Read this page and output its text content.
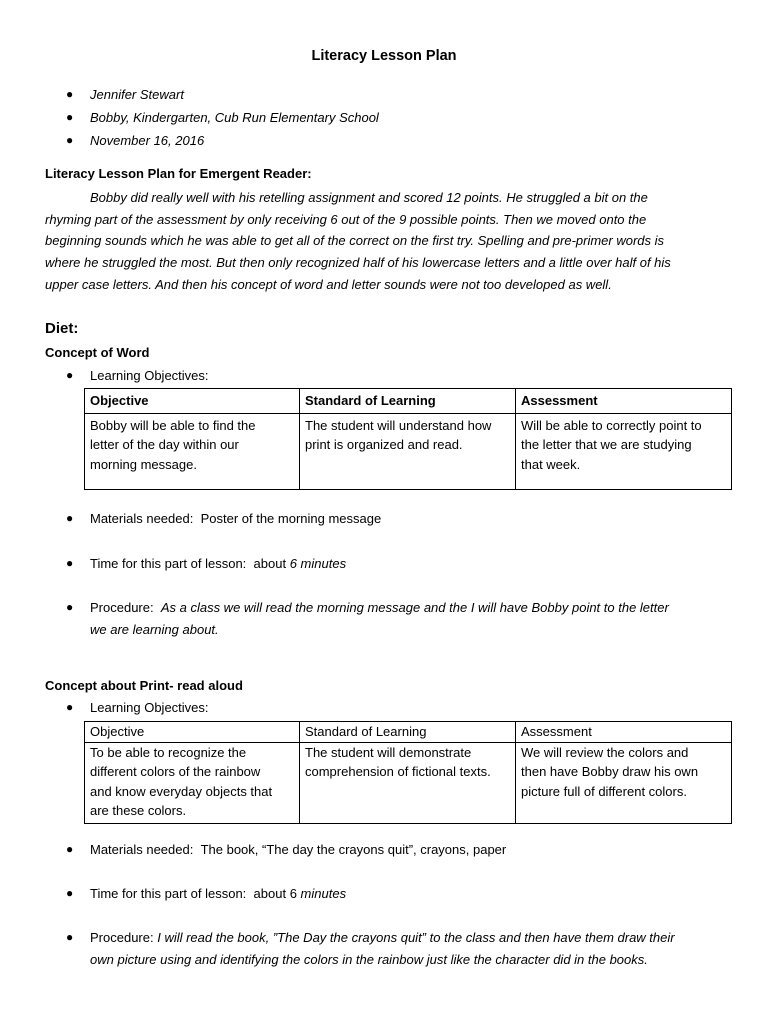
Literacy Lesson Plan
● Jennifer Stewart
● Bobby, Kindergarten, Cub Run Elementary School
● November 16, 2016
Literacy Lesson Plan for Emergent Reader:
Bobby did really well with his retelling assignment and scored 12 points. He struggled a bit on the
rhyming part of the assessment by only receiving 6 out of the 9 possible points. Then we moved onto the
beginning sounds which he was able to get all of the correct on the first try. Spelling and pre-primer words is
where he struggled the most. But then only recognized half of his lowercase letters and a little over half of his
upper case letters. And then his concept of word and letter sounds were not too developed as well.
Diet:
Concept of Word
● Learning Objectives:
Objective	Standard of Learning	Assessment

Bobby will be able to find the
letter of the day within our
morning message.	The student will understand how
print is organized and read.	Will be able to correctly point to
the letter that we are studying
that week.
● Materials needed: Poster of the morning message
● Time for this part of lesson: about 6 minutes
● Procedure: As a class we will read the morning message and the I will have Bobby point to the letter
we are learning about.
Concept about Print- read aloud
● Learning Objectives:
Objective	Standard of Learning	Assessment

To be able to recognize the
different colors of the rainbow
and know everyday objects that
are these colors.	The student will demonstrate
comprehension of fictional texts.	We will review the colors and
then have Bobby draw his own
picture full of different colors.
● Materials needed: The book, “The day the crayons quit”, crayons, paper
● Time for this part of lesson: about 6 minutes
● Procedure: I will read the book, ”The Day the crayons quit” to the class and then have them draw their
own picture using and identifying the colors in the rainbow just like the character did in the books.
